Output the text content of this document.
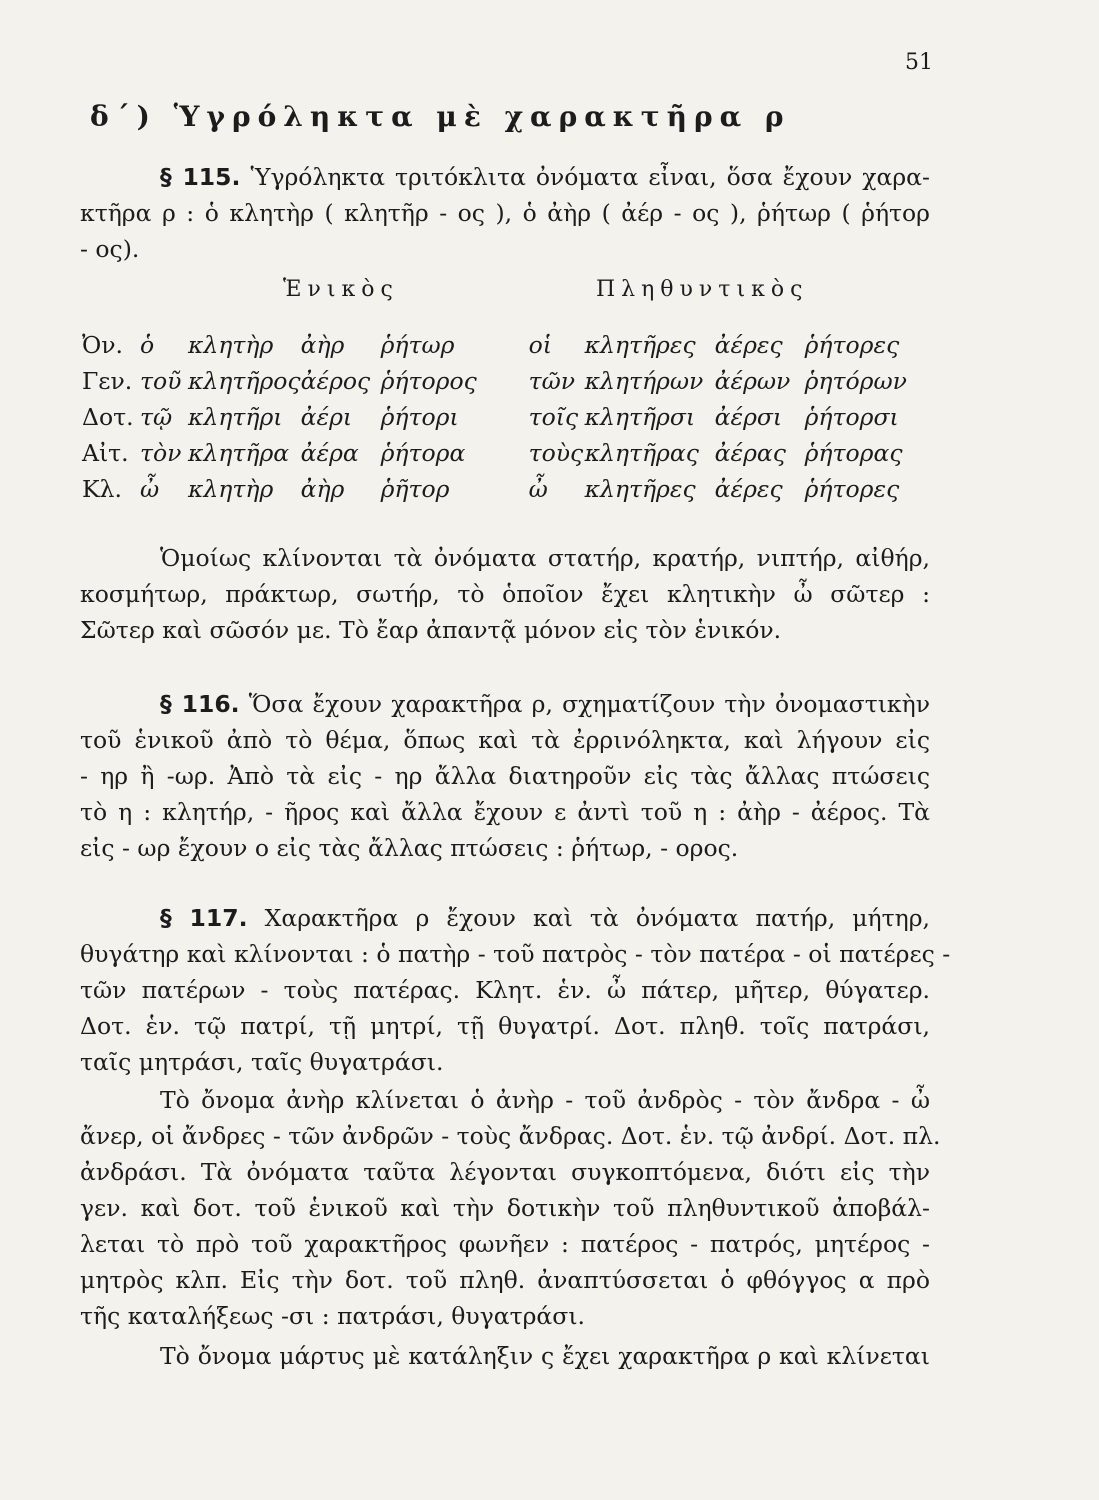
51
δ΄) Ὑγρόληκτα μὲ χαρακτῆρα ρ
§ 115. Ὑγρόληκτα τριτόκλιτα ὀνόματα εἶναι, ὅσα ἔχουν χαρα-
κτῆρα ρ : ὁ κλητὴρ ( κλητῆρ - ος ), ὁ ἀὴρ ( ἀέρ - ος ), ῥήτωρ ( ῥήτορ
- ος).
Ἑνικὸς	Πληθυντικὸς
Ὀν.	ὁ	κλητὴρ	ἀὴρ	ῥήτωρ	οἱ	κλητῆρες	ἀέρες	ῥήτορες
Γεν.	τοῦ	κλητῆρος	ἀέρος	ῥήτορος	τῶν	κλητήρων	ἀέρων	ῥητόρων
Δοτ.	τῷ	κλητῆρι	ἀέρι	ῥήτορι	τοῖς	κλητῆρσι	ἀέρσι	ῥήτορσι
Αἰτ.	τὸν	κλητῆρα	ἀέρα	ῥήτορα	τοὺς	κλητῆρας	ἀέρας	ῥήτορας
Κλ.	ὦ	κλητὴρ	ἀὴρ	ῥῆτορ	ὦ	κλητῆρες	ἀέρες	ῥήτορες
Ὁμοίως κλίνονται τὰ ὀνόματα στατήρ, κρατήρ, νιπτήρ, αἰθήρ,
κοσμήτωρ, πράκτωρ, σωτήρ, τὸ ὁποῖον ἔχει κλητικὴν ὦ σῶτερ :
Σῶτερ καὶ σῶσόν με. Τὸ ἔαρ ἀπαντᾷ μόνον εἰς τὸν ἑνικόν.
§ 116. Ὅσα ἔχουν χαρακτῆρα ρ, σχηματίζουν τὴν ὀνομαστικὴν
τοῦ ἑνικοῦ ἀπὸ τὸ θέμα, ὅπως καὶ τὰ ἐρρινόληκτα, καὶ λήγουν εἰς
- ηρ ἢ -ωρ. Ἀπὸ τὰ εἰς - ηρ ἄλλα διατηροῦν εἰς τὰς ἄλλας πτώσεις
τὸ η : κλητήρ, - ῆρος καὶ ἄλλα ἔχουν ε ἀντὶ τοῦ η : ἀὴρ - ἀέρος. Τὰ
εἰς - ωρ ἔχουν ο εἰς τὰς ἄλλας πτώσεις : ῥήτωρ, - ορος.
§ 117. Χαρακτῆρα ρ ἔχουν καὶ τὰ ὀνόματα πατήρ, μήτηρ,
θυγάτηρ καὶ κλίνονται : ὁ πατὴρ - τοῦ πατρὸς - τὸν πατέρα - οἱ πατέρες -
τῶν πατέρων - τοὺς πατέρας. Κλητ. ἑν. ὦ πάτερ, μῆτερ, θύγατερ.
Δοτ. ἑν. τῷ πατρί, τῇ μητρί, τῇ θυγατρί. Δοτ. πληθ. τοῖς πατράσι,
ταῖς μητράσι, ταῖς θυγατράσι.
Τὸ ὄνομα ἀνὴρ κλίνεται ὁ ἀνὴρ - τοῦ ἀνδρὸς - τὸν ἄνδρα - ὦ
ἄνερ, οἱ ἄνδρες - τῶν ἀνδρῶν - τοὺς ἄνδρας. Δοτ. ἑν. τῷ ἀνδρί. Δοτ. πλ.
ἀνδράσι. Τὰ ὀνόματα ταῦτα λέγονται συγκοπτόμενα, διότι εἰς τὴν
γεν. καὶ δοτ. τοῦ ἑνικοῦ καὶ τὴν δοτικὴν τοῦ πληθυντικοῦ ἀποβάλ-
λεται τὸ πρὸ τοῦ χαρακτῆρος φωνῆεν : πατέρος - πατρός, μητέρος -
μητρὸς κλπ. Εἰς τὴν δοτ. τοῦ πληθ. ἀναπτύσσεται ὁ φθόγγος α πρὸ
τῆς καταλήξεως -σι : πατράσι, θυγατράσι.
Τὸ ὄνομα μάρτυς μὲ κατάληξιν ς ἔχει χαρακτῆρα ρ καὶ κλίνεται
